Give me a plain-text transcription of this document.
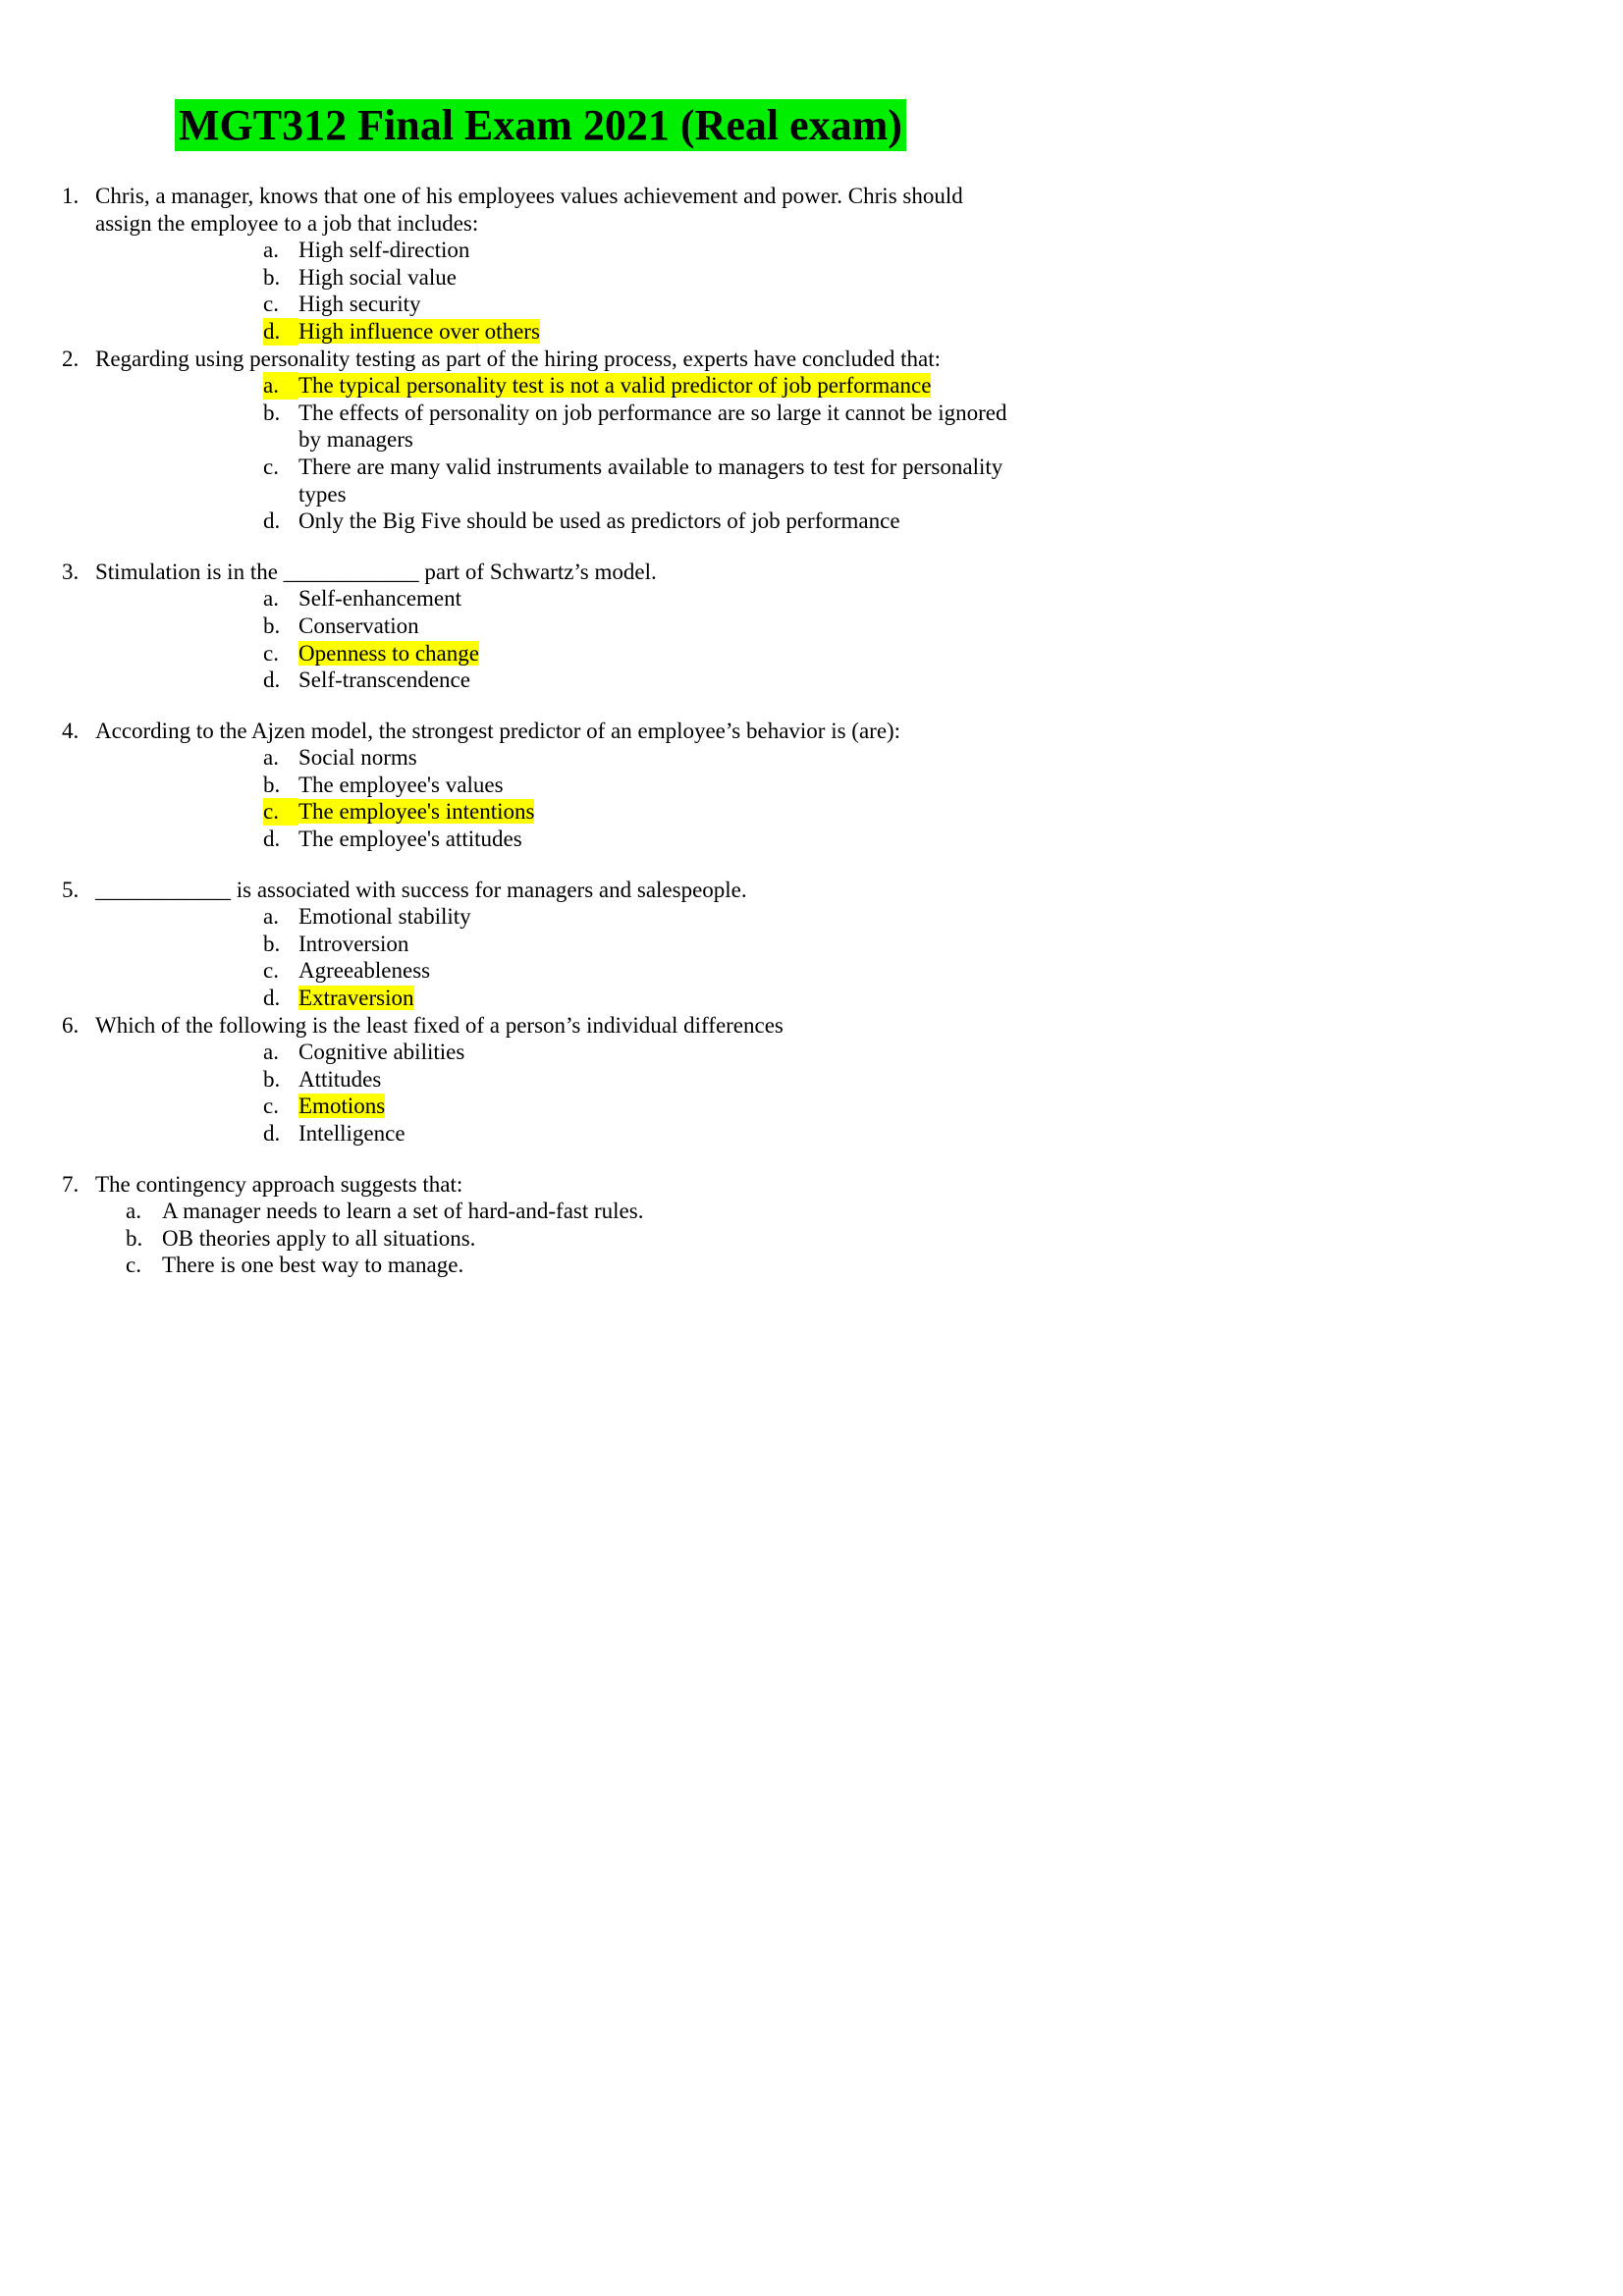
MGT312 Final Exam 2021 (Real exam)
1. Chris, a manager, knows that one of his employees values achievement and power. Chris should assign the employee to a job that includes:
a. High self-direction
b. High social value
c. High security
d. High influence over others
2. Regarding using personality testing as part of the hiring process, experts have concluded that:
a. The typical personality test is not a valid predictor of job performance
b. The effects of personality on job performance are so large it cannot be ignored by managers
c. There are many valid instruments available to managers to test for personality types
d. Only the Big Five should be used as predictors of job performance
3. Stimulation is in the ____________ part of Schwartz’s model.
a. Self-enhancement
b. Conservation
c. Openness to change
d. Self-transcendence
4. According to the Ajzen model, the strongest predictor of an employee’s behavior is (are):
a. Social norms
b. The employee's values
c. The employee's intentions
d. The employee's attitudes
5. ____________ is associated with success for managers and salespeople.
a. Emotional stability
b. Introversion
c. Agreeableness
d. Extraversion
6. Which of the following is the least fixed of a person’s individual differences
a. Cognitive abilities
b. Attitudes
c. Emotions
d. Intelligence
7. The contingency approach suggests that:
a. A manager needs to learn a set of hard-and-fast rules.
b. OB theories apply to all situations.
c. There is one best way to manage.
